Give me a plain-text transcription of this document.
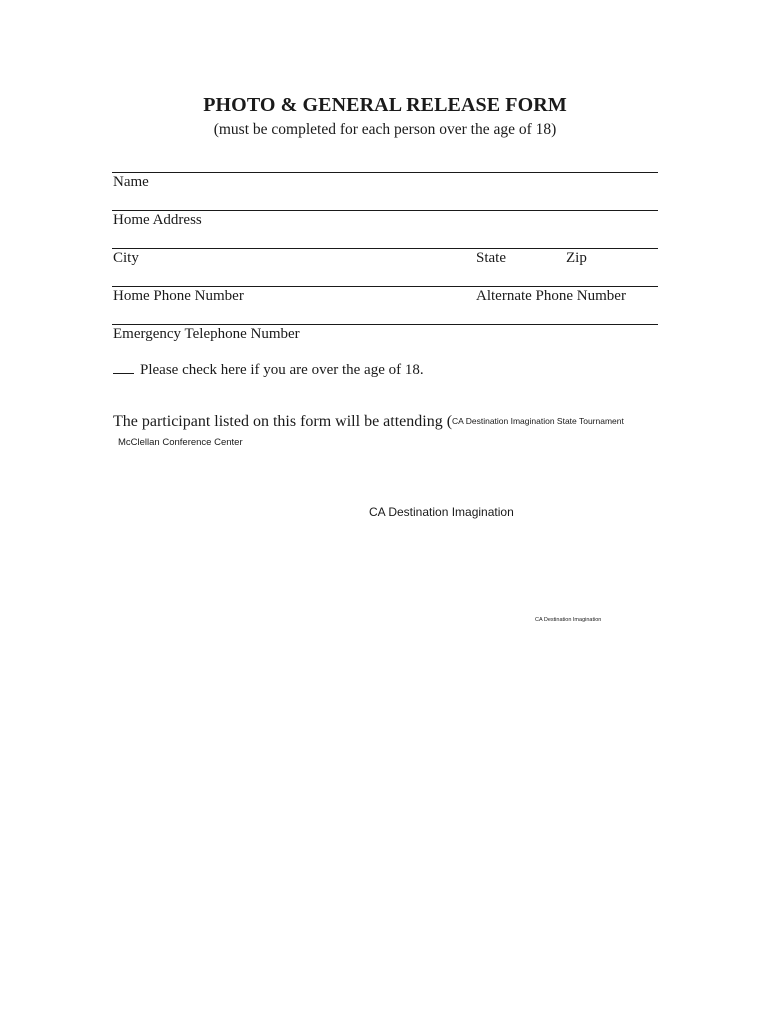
PHOTO & GENERAL RELEASE FORM
(must be completed for each person over the age of 18)
Name
Home Address
City	State	Zip
Home Phone Number	Alternate Phone Number
Emergency Telephone Number
Please check here if you are over the age of 18.
The participant listed on this form will be attending (CA Destination Imagination State Tournament
McClellan Conference Center
CA Destination Imagination
CA Destination Imagination
